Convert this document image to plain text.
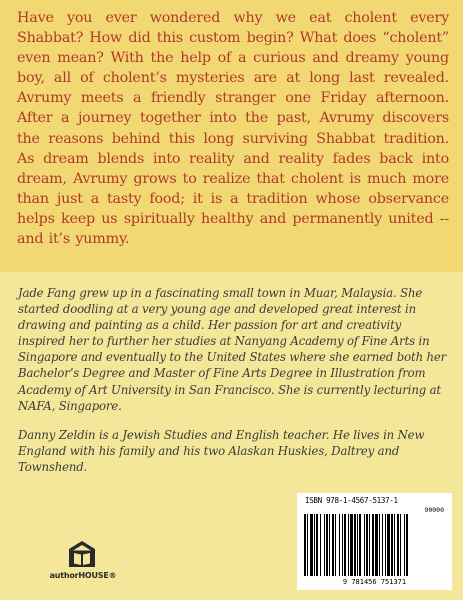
Have you ever wondered why we eat cholent every Shabbat? How did this custom begin? What does “cholent” even mean? With the help of a curious and dreamy young boy, all of cholent’s mysteries are at long last revealed. Avrumy meets a friendly stranger one Friday afternoon. After a journey together into the past, Avrumy discovers the reasons behind this long surviving Shabbat tradition. As dream blends into reality and reality fades back into dream, Avrumy grows to realize that cholent is much more than just a tasty food; it is a tradition whose observance helps keep us spiritually healthy and permanently united -- and it’s yummy.

Jade Fang grew up in a fascinating small town in Muar, Malaysia. She started doodling at a very young age and developed great interest in drawing and painting as a child. Her passion for art and creativity inspired her to further her studies at Nanyang Academy of Fine Arts in Singapore and eventually to the United States where she earned both her Bachelor’s Degree and Master of Fine Arts Degree in Illustration from Academy of Art University in San Francisco. She is currently lecturing at NAFA, Singapore.

Danny Zeldin is a Jewish Studies and English teacher. He lives in New England with his family and his two Alaskan Huskies, Daltrey and Townshend.

authorHOUSE®
ISBN 978-1-4567-5137-1
90000
9 781456 751371
